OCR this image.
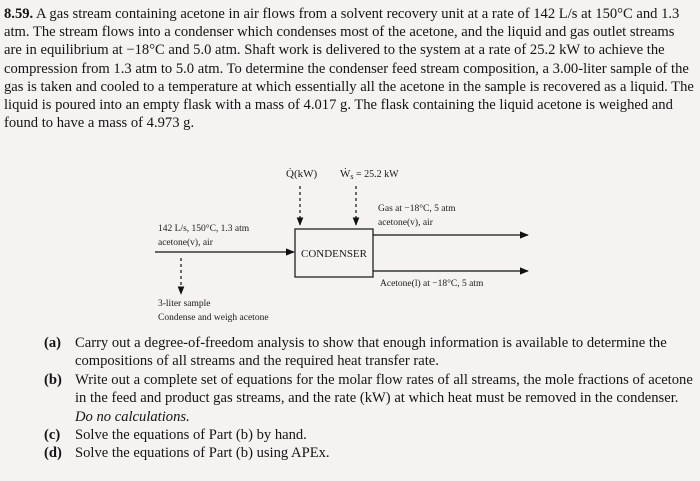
8.59. A gas stream containing acetone in air flows from a solvent recovery unit at a rate of 142 L/s at 150°C and 1.3 atm. The stream flows into a condenser which condenses most of the acetone, and the liquid and gas outlet streams are in equilibrium at −18°C and 5.0 atm. Shaft work is delivered to the system at a rate of 25.2 kW to achieve the compression from 1.3 atm to 5.0 atm. To determine the condenser feed stream composition, a 3.00-liter sample of the gas is taken and cooled to a temperature at which essentially all the acetone in the sample is recovered as a liquid. The liquid is poured into an empty flask with a mass of 4.017 g. The flask containing the liquid acetone is weighed and found to have a mass of 4.973 g.

Q̇(kW) Ẇs = 25.2 kW
CONDENSER
142 L/s, 150°C, 1.3 atm
acetone(v), air
Gas at −18°C, 5 atm
acetone(v), air
Acetone(l) at −18°C, 5 atm
3-liter sample
Condense and weigh acetone
(a) Carry out a degree-of-freedom analysis to show that enough information is available to determine the compositions of all streams and the required heat transfer rate.
(b) Write out a complete set of equations for the molar flow rates of all streams, the mole fractions of acetone in the feed and product gas streams, and the rate (kW) at which heat must be removed in the condenser. Do no calculations.
(c)	Solve the equations of Part (b) by hand.
(d) Solve the equations of Part (b) using APEx.
